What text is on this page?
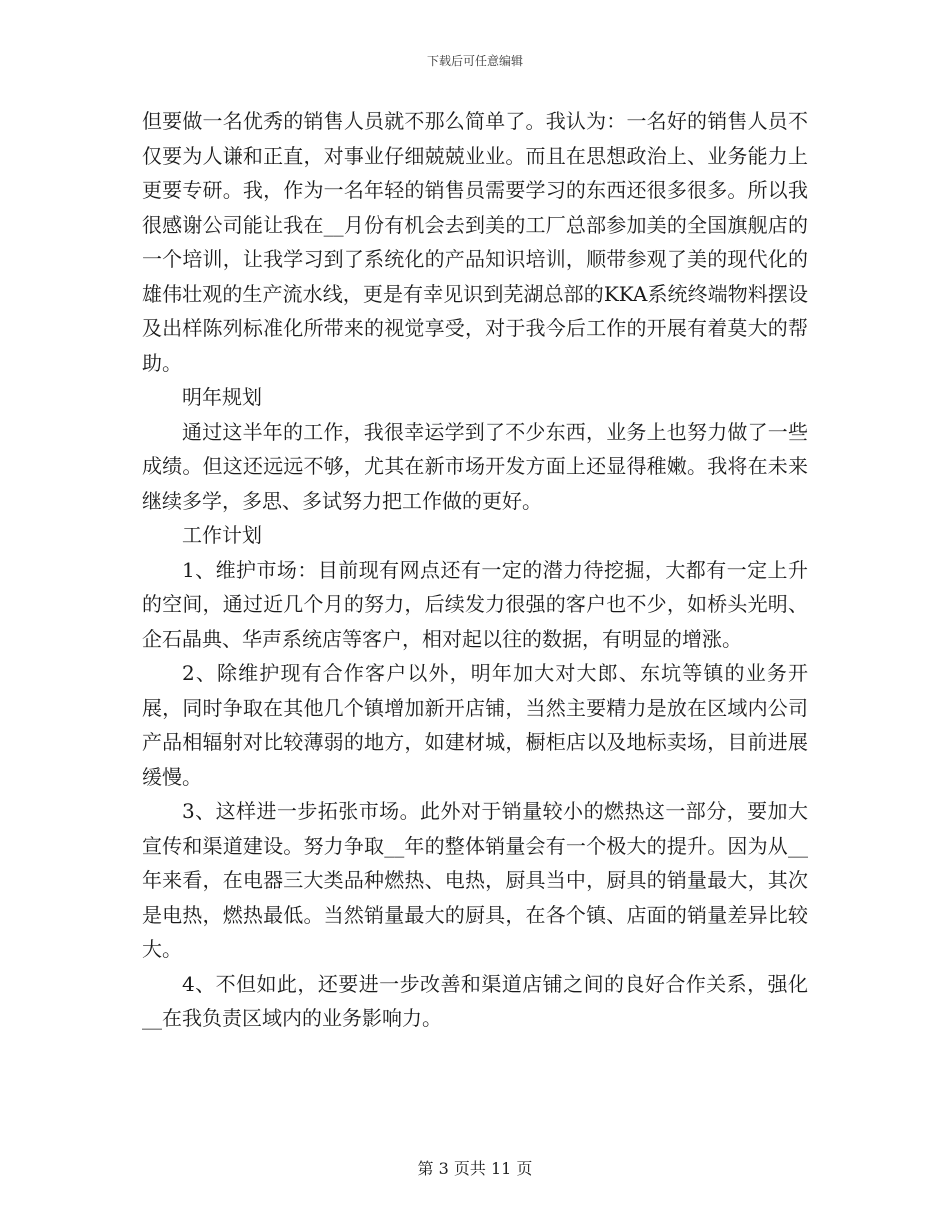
下载后可任意编辑

但要做一名优秀的销售人员就不那么简单了。我认为：一名好的销售人员不仅要为人谦和正直，对事业仔细兢兢业业。而且在思想政治上、业务能力上更要专研。我，作为一名年轻的销售员需要学习的东西还很多很多。所以我很感谢公司能让我在__月份有机会去到美的工厂总部参加美的全国旗舰店的一个培训，让我学习到了系统化的产品知识培训，顺带参观了美的现代化的雄伟壮观的生产流水线，更是有幸见识到芜湖总部的KKA系统终端物料摆设及出样陈列标准化所带来的视觉享受，对于我今后工作的开展有着莫大的帮助。

明年规划

通过这半年的工作，我很幸运学到了不少东西，业务上也努力做了一些成绩。但这还远远不够，尤其在新市场开发方面上还显得稚嫩。我将在未来继续多学，多思、多试努力把工作做的更好。

工作计划

1、维护市场：目前现有网点还有一定的潜力待挖掘，大都有一定上升的空间，通过近几个月的努力，后续发力很强的客户也不少，如桥头光明、企石晶典、华声系统店等客户，相对起以往的数据，有明显的增涨。

2、除维护现有合作客户以外，明年加大对大郎、东坑等镇的业务开展，同时争取在其他几个镇增加新开店铺，当然主要精力是放在区域内公司产品相辐射对比较薄弱的地方，如建材城，橱柜店以及地标卖场，目前进展缓慢。

3、这样进一步拓张市场。此外对于销量较小的燃热这一部分，要加大宣传和渠道建设。努力争取__年的整体销量会有一个极大的提升。因为从__年来看，在电器三大类品种燃热、电热，厨具当中，厨具的销量最大，其次是电热，燃热最低。当然销量最大的厨具，在各个镇、店面的销量差异比较大。

4、不但如此，还要进一步改善和渠道店铺之间的良好合作关系，强化__在我负责区域内的业务影响力。

第 3 页共 11 页
